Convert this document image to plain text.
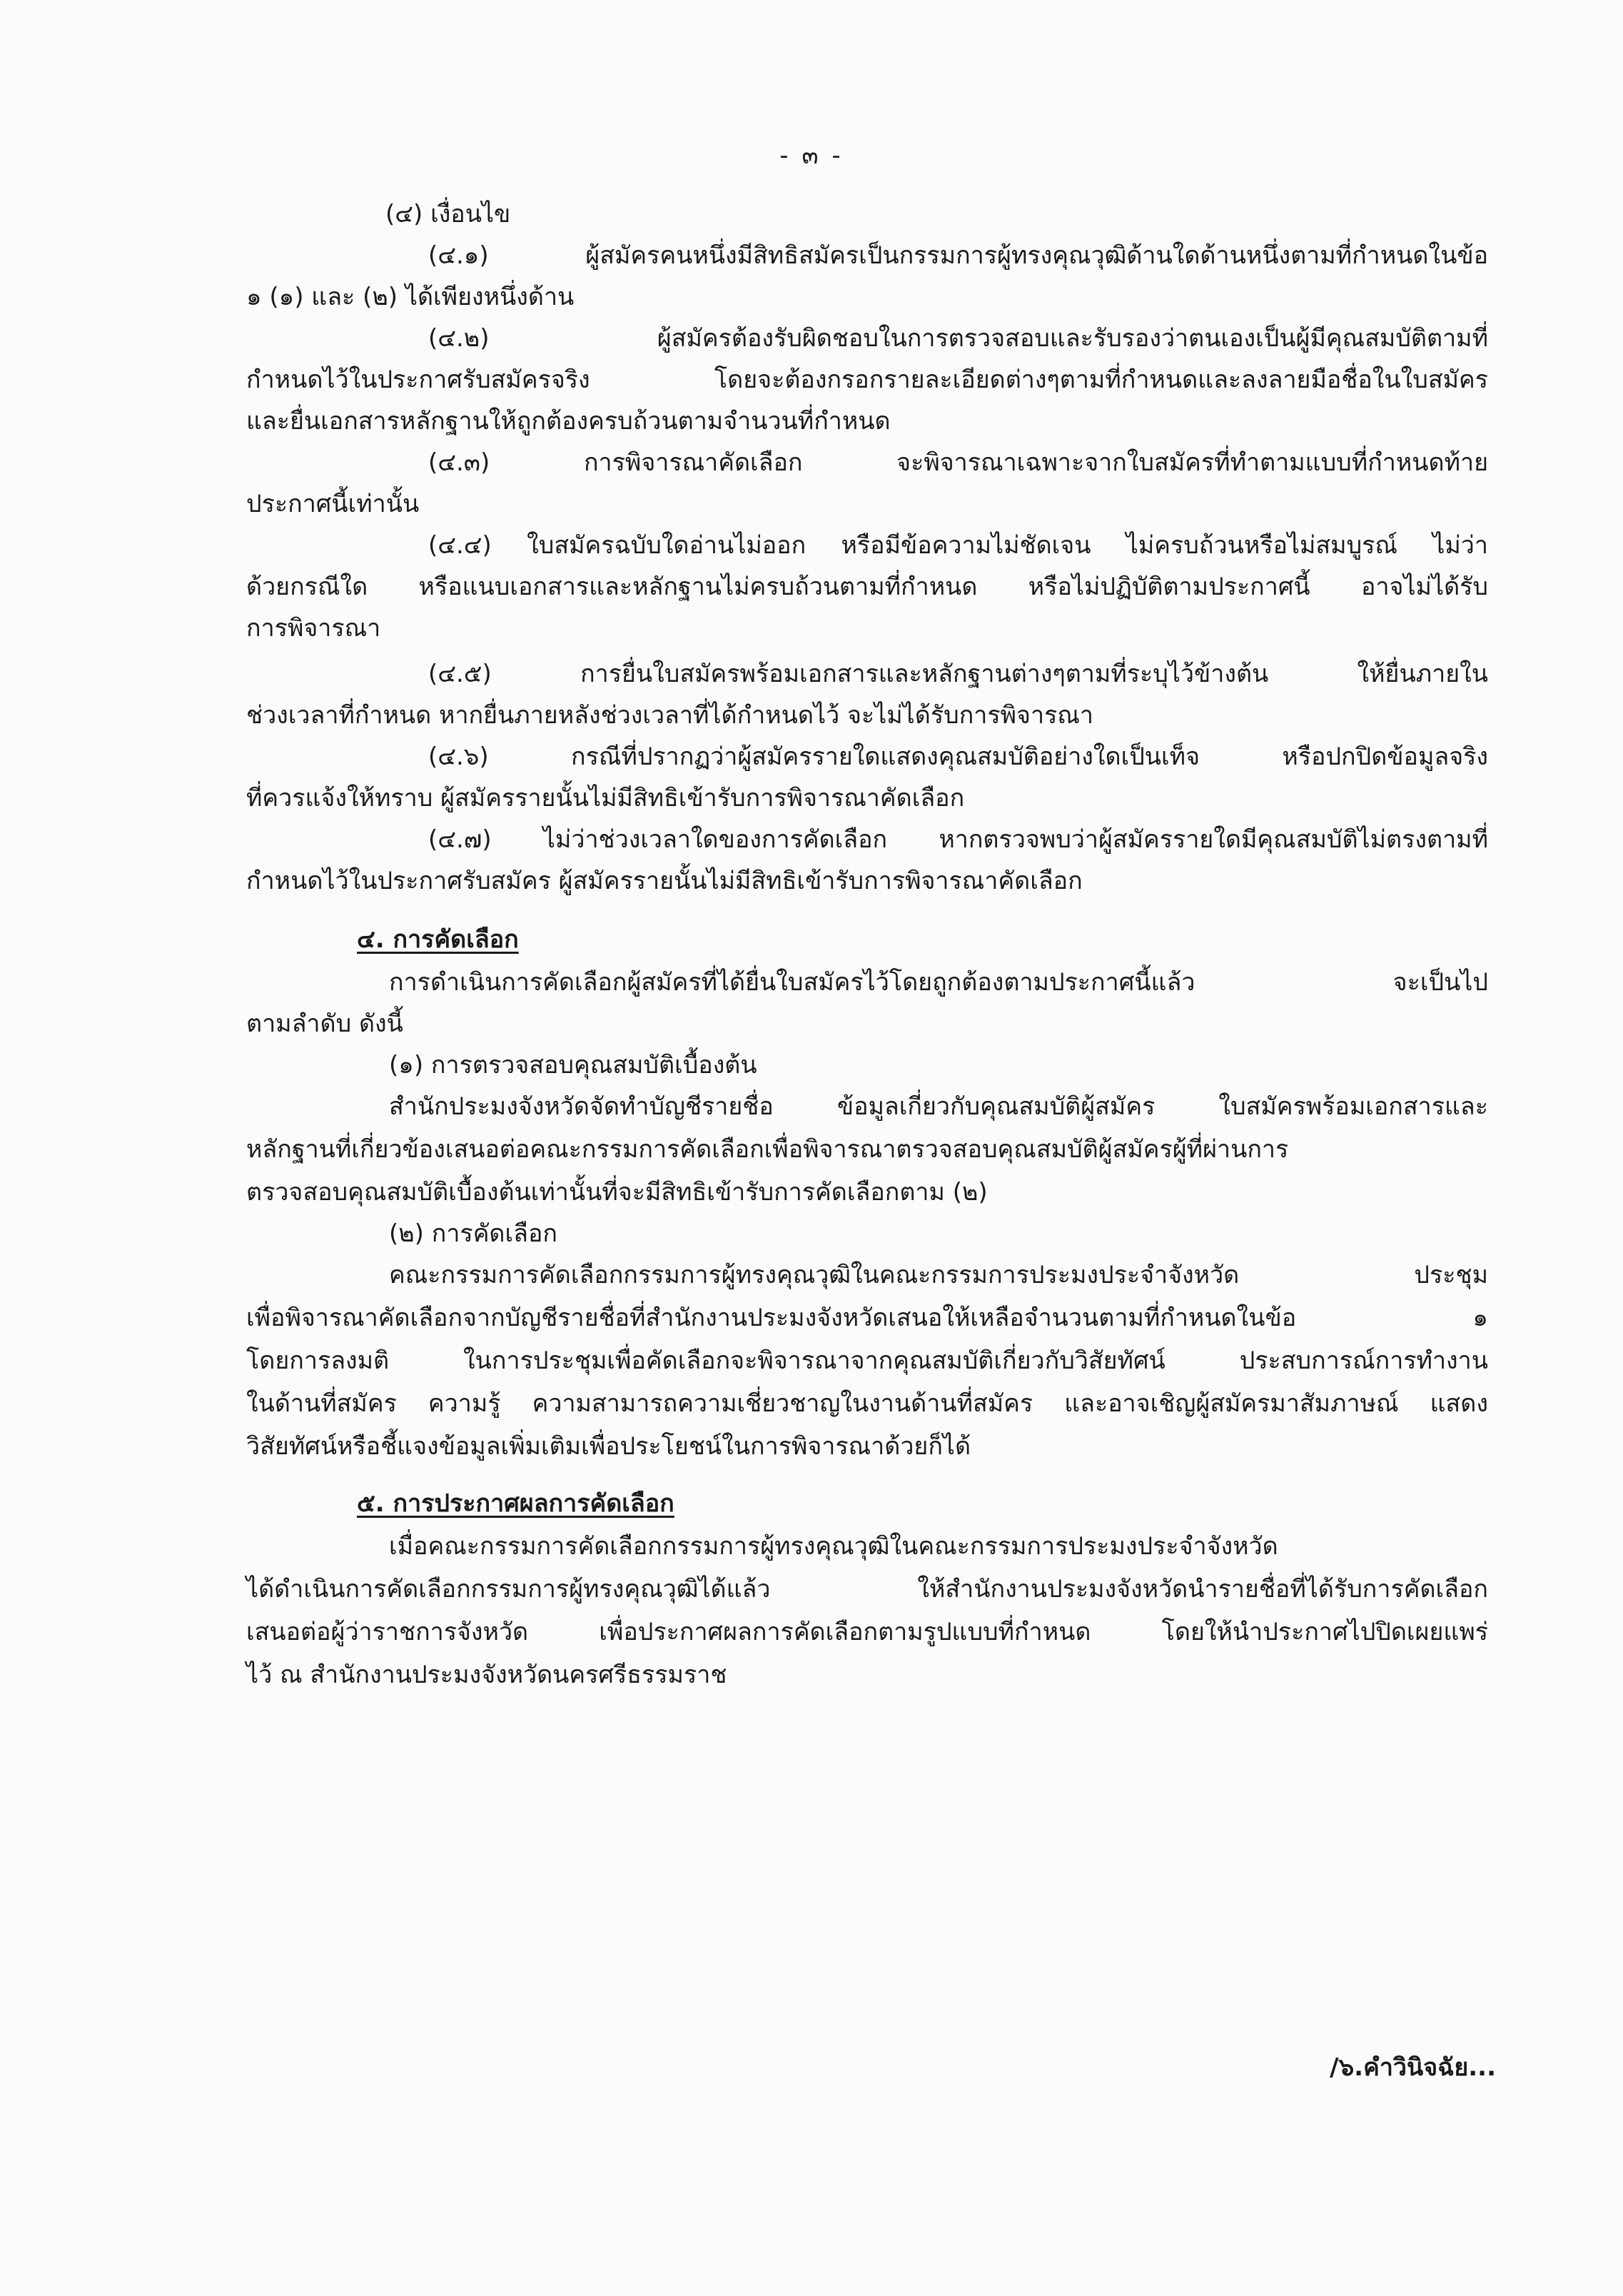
- ๓ -
(๔) เงื่อนไข
(๔.๑) ผู้สมัครคนหนึ่งมีสิทธิสมัครเป็นกรรมการผู้ทรงคุณวุฒิด้านใดด้านหนึ่งตามที่กำหนดในข้อ
๑ (๑) และ (๒) ได้เพียงหนึ่งด้าน
(๔.๒) ผู้สมัครต้องรับผิดชอบในการตรวจสอบและรับรองว่าตนเองเป็นผู้มีคุณสมบัติตามที่
กำหนดไว้ในประกาศรับสมัครจริง โดยจะต้องกรอกรายละเอียดต่างๆตามที่กำหนดและลงลายมือชื่อในใบสมัคร
และยื่นเอกสารหลักฐานให้ถูกต้องครบถ้วนตามจำนวนที่กำหนด
(๔.๓) การพิจารณาคัดเลือก จะพิจารณาเฉพาะจากใบสมัครที่ทำตามแบบที่กำหนดท้าย
ประกาศนี้เท่านั้น
(๔.๔) ใบสมัครฉบับใดอ่านไม่ออก หรือมีข้อความไม่ชัดเจน ไม่ครบถ้วนหรือไม่สมบูรณ์ ไม่ว่า
ด้วยกรณีใด หรือแนบเอกสารและหลักฐานไม่ครบถ้วนตามที่กำหนด หรือไม่ปฏิบัติตามประกาศนี้ อาจไม่ได้รับ
การพิจารณา
(๔.๕) การยื่นใบสมัครพร้อมเอกสารและหลักฐานต่างๆตามที่ระบุไว้ข้างต้น ให้ยื่นภายใน
ช่วงเวลาที่กำหนด หากยื่นภายหลังช่วงเวลาที่ได้กำหนดไว้ จะไม่ได้รับการพิจารณา
(๔.๖) กรณีที่ปรากฏว่าผู้สมัครรายใดแสดงคุณสมบัติอย่างใดเป็นเท็จ หรือปกปิดข้อมูลจริง
ที่ควรแจ้งให้ทราบ ผู้สมัครรายนั้นไม่มีสิทธิเข้ารับการพิจารณาคัดเลือก
(๔.๗) ไม่ว่าช่วงเวลาใดของการคัดเลือก หากตรวจพบว่าผู้สมัครรายใดมีคุณสมบัติไม่ตรงตามที่
กำหนดไว้ในประกาศรับสมัคร ผู้สมัครรายนั้นไม่มีสิทธิเข้ารับการพิจารณาคัดเลือก
๔. การคัดเลือก
การดำเนินการคัดเลือกผู้สมัครที่ได้ยื่นใบสมัครไว้โดยถูกต้องตามประกาศนี้แล้ว จะเป็นไป
ตามลำดับ ดังนี้
(๑) การตรวจสอบคุณสมบัติเบื้องต้น
สำนักประมงจังหวัดจัดทำบัญชีรายชื่อ ข้อมูลเกี่ยวกับคุณสมบัติผู้สมัคร ใบสมัครพร้อมเอกสารและ
หลักฐานที่เกี่ยวข้องเสนอต่อคณะกรรมการคัดเลือกเพื่อพิจารณาตรวจสอบคุณสมบัติผู้สมัครผู้ที่ผ่านการ
ตรวจสอบคุณสมบัติเบื้องต้นเท่านั้นที่จะมีสิทธิเข้ารับการคัดเลือกตาม (๒)
(๒) การคัดเลือก
คณะกรรมการคัดเลือกกรรมการผู้ทรงคุณวุฒิในคณะกรรมการประมงประจำจังหวัด ประชุม
เพื่อพิจารณาคัดเลือกจากบัญชีรายชื่อที่สำนักงานประมงจังหวัดเสนอให้เหลือจำนวนตามที่กำหนดในข้อ ๑
โดยการลงมติ ในการประชุมเพื่อคัดเลือกจะพิจารณาจากคุณสมบัติเกี่ยวกับวิสัยทัศน์ ประสบการณ์การทำงาน
ในด้านที่สมัคร ความรู้ ความสามารถความเชี่ยวชาญในงานด้านที่สมัคร และอาจเชิญผู้สมัครมาสัมภาษณ์ แสดง
วิสัยทัศน์หรือชี้แจงข้อมูลเพิ่มเติมเพื่อประโยชน์ในการพิจารณาด้วยก็ได้
๕. การประกาศผลการคัดเลือก
เมื่อคณะกรรมการคัดเลือกกรรมการผู้ทรงคุณวุฒิในคณะกรรมการประมงประจำจังหวัด
ได้ดำเนินการคัดเลือกกรรมการผู้ทรงคุณวุฒิได้แล้ว ให้สำนักงานประมงจังหวัดนำรายชื่อที่ได้รับการคัดเลือก
เสนอต่อผู้ว่าราชการจังหวัด เพื่อประกาศผลการคัดเลือกตามรูปแบบที่กำหนด โดยให้นำประกาศไปปิดเผยแพร่
ไว้ ณ สำนักงานประมงจังหวัดนครศรีธรรมราช
/๖.คำวินิจฉัย...
